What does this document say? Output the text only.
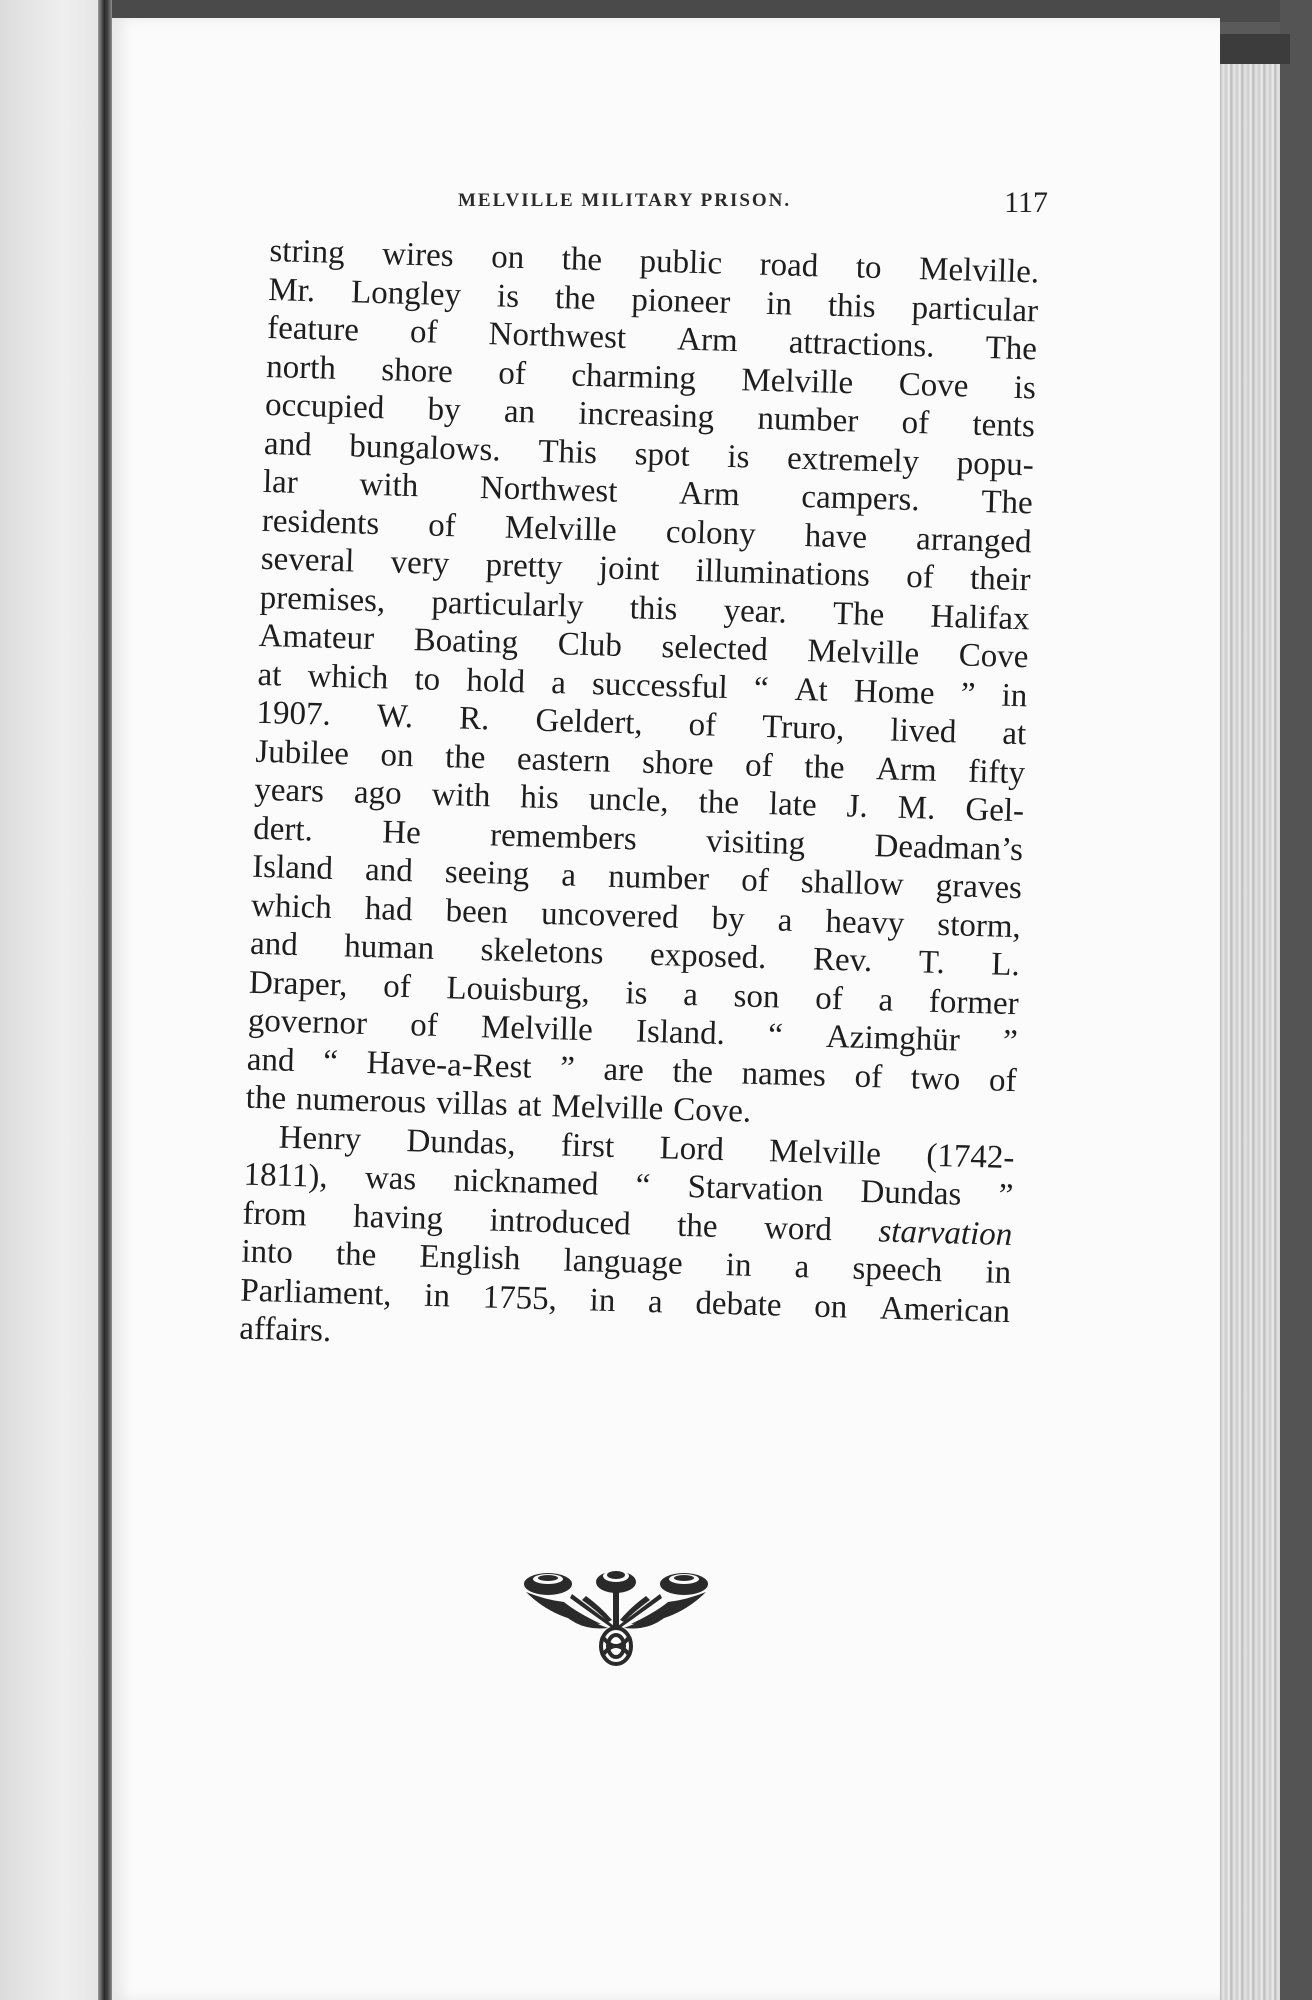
MELVILLE MILITARY PRISON.	117
string wires on the public road to Melville.
Mr. Longley is the pioneer in this particular
feature of Northwest Arm attractions. The
north shore of charming Melville Cove is
occupied by an increasing number of tents
and bungalows. This spot is extremely popu-
lar with Northwest Arm campers. The
residents of Melville colony have arranged
several very pretty joint illuminations of their
premises, particularly this year. The Halifax
Amateur Boating Club selected Melville Cove
at which to hold a successful “ At Home ” in
1907. W. R. Geldert, of Truro, lived at
Jubilee on the eastern shore of the Arm fifty
years ago with his uncle, the late J. M. Gel-
dert. He remembers visiting Deadman’s
Island and seeing a number of shallow graves
which had been uncovered by a heavy storm,
and human skeletons exposed. Rev. T. L.
Draper, of Louisburg, is a son of a former
governor of Melville Island. “ Azimghür ”
and “ Have-a-Rest ” are the names of two of
the numerous villas at Melville Cove.
Henry Dundas, first Lord Melville (1742-
1811), was nicknamed “ Starvation Dundas ”
from having introduced the word starvation
into the English language in a speech in
Parliament, in 1755, in a debate on American
affairs.
